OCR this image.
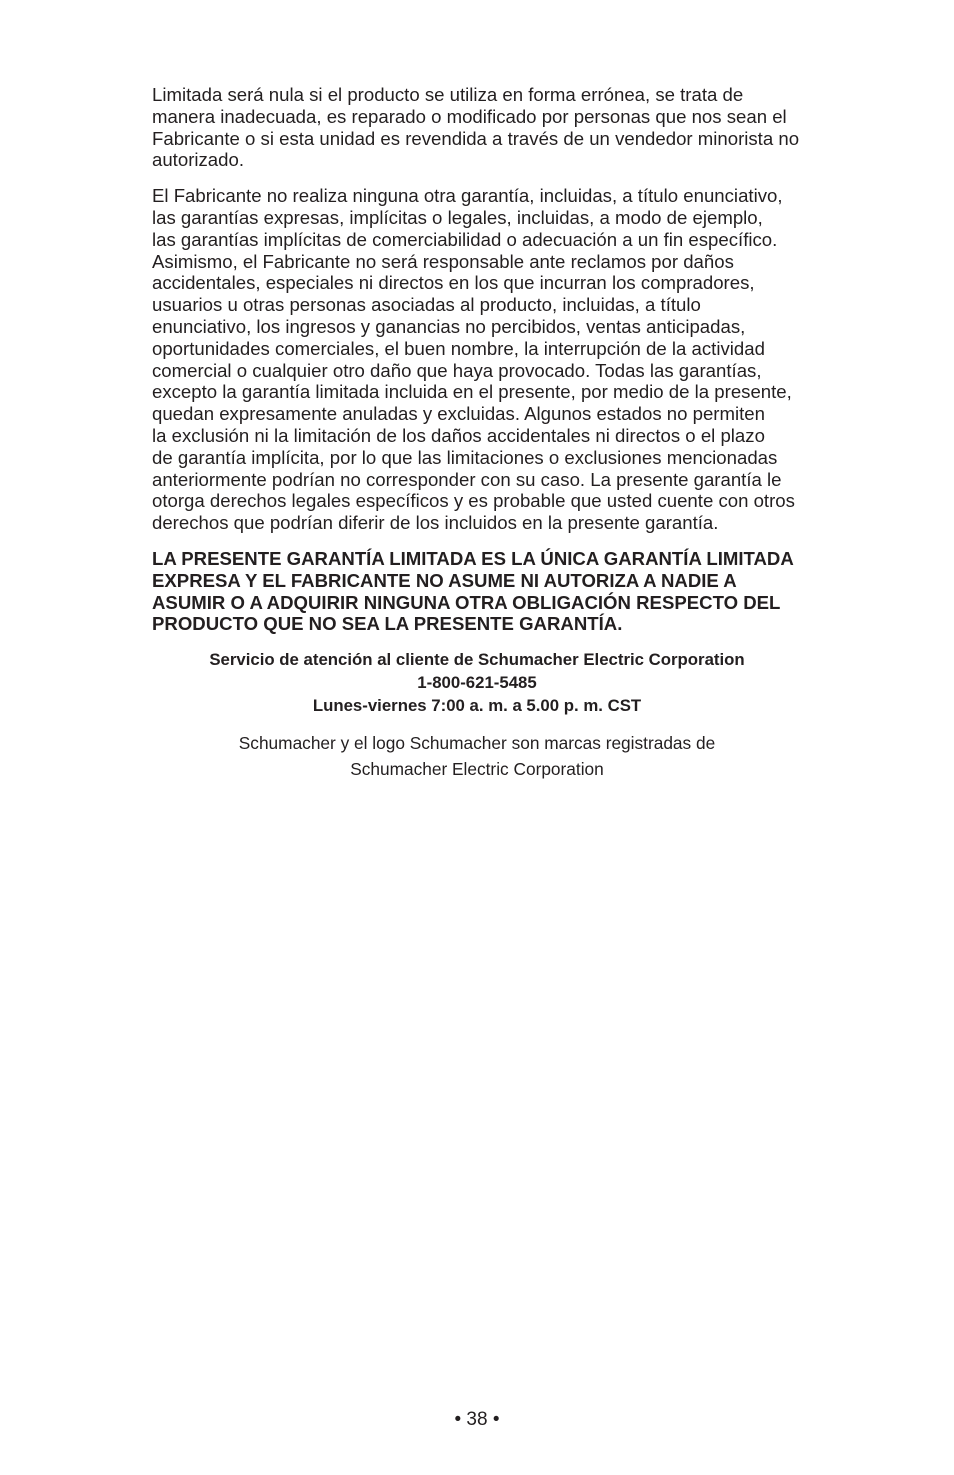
Limitada será nula si el producto se utiliza en forma errónea, se trata de
manera inadecuada, es reparado o modificado por personas que nos sean el
Fabricante o si esta unidad es revendida a través de un vendedor minorista no
autorizado.

El Fabricante no realiza ninguna otra garantía, incluidas, a título enunciativo,
las garantías expresas, implícitas o legales, incluidas, a modo de ejemplo,
las garantías implícitas de comerciabilidad o adecuación a un fin específico.
Asimismo, el Fabricante no será responsable ante reclamos por daños
accidentales, especiales ni directos en los que incurran los compradores,
usuarios u otras personas asociadas al producto, incluidas, a título
enunciativo, los ingresos y ganancias no percibidos, ventas anticipadas,
oportunidades comerciales, el buen nombre, la interrupción de la actividad
comercial o cualquier otro daño que haya provocado. Todas las garantías,
excepto la garantía limitada incluida en el presente, por medio de la presente,
quedan expresamente anuladas y excluidas. Algunos estados no permiten
la exclusión ni la limitación de los daños accidentales ni directos o el plazo
de garantía implícita, por lo que las limitaciones o exclusiones mencionadas
anteriormente podrían no corresponder con su caso. La presente garantía le
otorga derechos legales específicos y es probable que usted cuente con otros
derechos que podrían diferir de los incluidos en la presente garantía.

LA PRESENTE GARANTÍA LIMITADA ES LA ÚNICA GARANTÍA LIMITADA
EXPRESA Y EL FABRICANTE NO ASUME NI AUTORIZA A NADIE A
ASUMIR O A ADQUIRIR NINGUNA OTRA OBLIGACIÓN RESPECTO DEL
PRODUCTO QUE NO SEA LA PRESENTE GARANTÍA.

Servicio de atención al cliente de Schumacher Electric Corporation
1-800-621-5485
Lunes-viernes 7:00 a. m. a 5.00 p. m. CST
Schumacher y el logo Schumacher son marcas registradas de
Schumacher Electric Corporation
• 38 •
